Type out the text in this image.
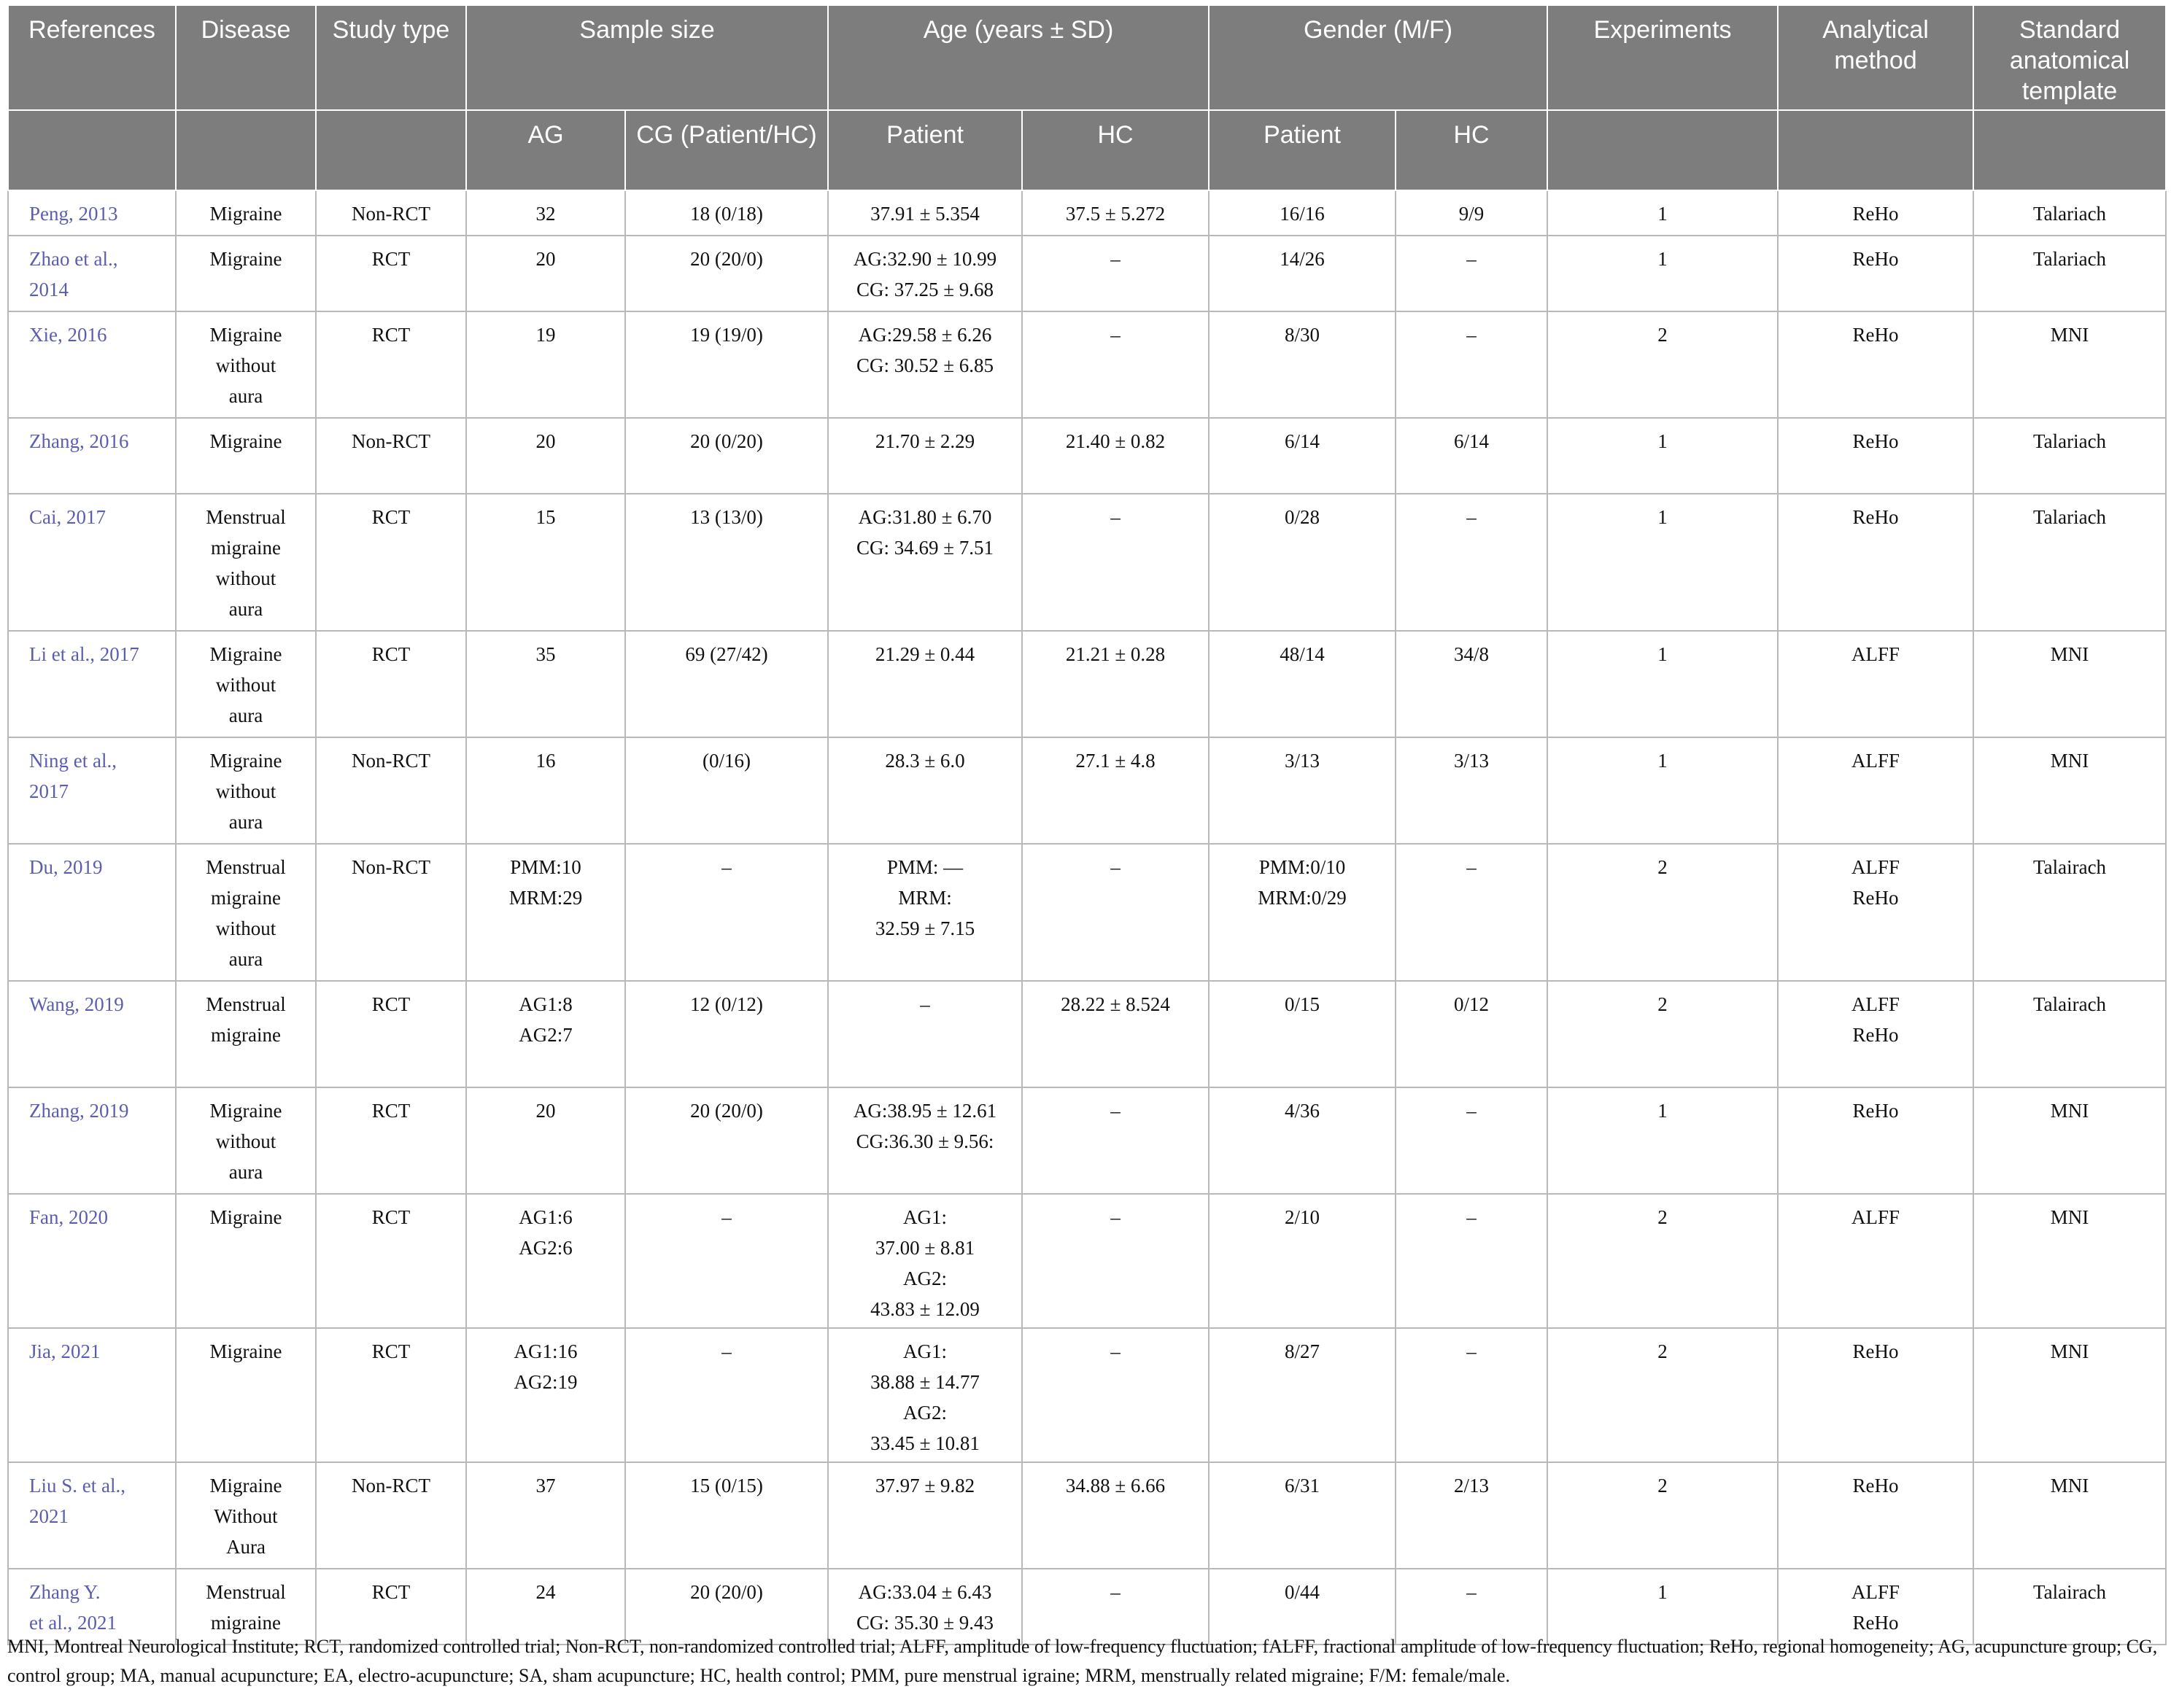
References	Disease	Study type	Sample size		Age (years ± SD)		Gender (M/F)		Experiments	Analytical method	Standard anatomical template
			AG	CG (Patient/HC)	Patient	HC	Patient	HC			

Peng, 2013	Migraine	Non-RCT	32	18 (0/18)	37.91 ± 5.354	37.5 ± 5.272	16/16	9/9	1	ReHo	Talariach

Zhao et al.,
2014	Migraine	RCT	20	20 (20/0)	AG:32.90 ± 10.99
CG: 37.25 ± 9.68	–	14/26	–	1	ReHo	Talariach

Xie, 2016	Migraine
without
aura	RCT	19	19 (19/0)	AG:29.58 ± 6.26
CG: 30.52 ± 6.85	–	8/30	–	2	ReHo	MNI

Zhang, 2016	Migraine	Non-RCT	20	20 (0/20)	21.70 ± 2.29	21.40 ± 0.82	6/14	6/14	1	ReHo	Talariach

Cai, 2017	Menstrual
migraine
without
aura	RCT	15	13 (13/0)	AG:31.80 ± 6.70
CG: 34.69 ± 7.51	–	0/28	–	1	ReHo	Talariach

Li et al., 2017	Migraine
without
aura	RCT	35	69 (27/42)	21.29 ± 0.44	21.21 ± 0.28	48/14	34/8	1	ALFF	MNI

Ning et al.,
2017	Migraine
without
aura	Non-RCT	16	(0/16)	28.3 ± 6.0	27.1 ± 4.8	3/13	3/13	1	ALFF	MNI

Du, 2019	Menstrual
migraine
without
aura	Non-RCT	PMM:10
MRM:29	–	PMM: —
MRM:
32.59 ± 7.15	–	PMM:0/10
MRM:0/29	–	2	ALFF
ReHo	Talairach

Wang, 2019	Menstrual
migraine	RCT	AG1:8
AG2:7	12 (0/12)	–	28.22 ± 8.524	0/15	0/12	2	ALFF
ReHo	Talairach

Zhang, 2019	Migraine
without
aura	RCT	20	20 (20/0)	AG:38.95 ± 12.61
CG:36.30 ± 9.56:	–	4/36	–	1	ReHo	MNI

Fan, 2020	Migraine	RCT	AG1:6
AG2:6	–	AG1:
37.00 ± 8.81
AG2:
43.83 ± 12.09	–	2/10	–	2	ALFF	MNI

Jia, 2021	Migraine	RCT	AG1:16
AG2:19	–	AG1:
38.88 ± 14.77
AG2:
33.45 ± 10.81	–	8/27	–	2	ReHo	MNI

Liu S. et al.,
2021	Migraine
Without
Aura	Non-RCT	37	15 (0/15)	37.97 ± 9.82	34.88 ± 6.66	6/31	2/13	2	ReHo	MNI

Zhang Y.
et al., 2021	Menstrual
migraine	RCT	24	20 (20/0)	AG:33.04 ± 6.43
CG: 35.30 ± 9.43	–	0/44	–	1	ALFF
ReHo	Talairach
MNI, Montreal Neurological Institute; RCT, randomized controlled trial; Non-RCT, non-randomized controlled trial; ALFF, amplitude of low-frequency fluctuation; fALFF, fractional amplitude of low-frequency fluctuation; ReHo, regional homogeneity; AG, acupuncture group; CG, control group; MA, manual acupuncture; EA, electro-acupuncture; SA, sham acupuncture; HC, health control; PMM, pure menstrual igraine; MRM, menstrually related migraine; F/M: female/male.
